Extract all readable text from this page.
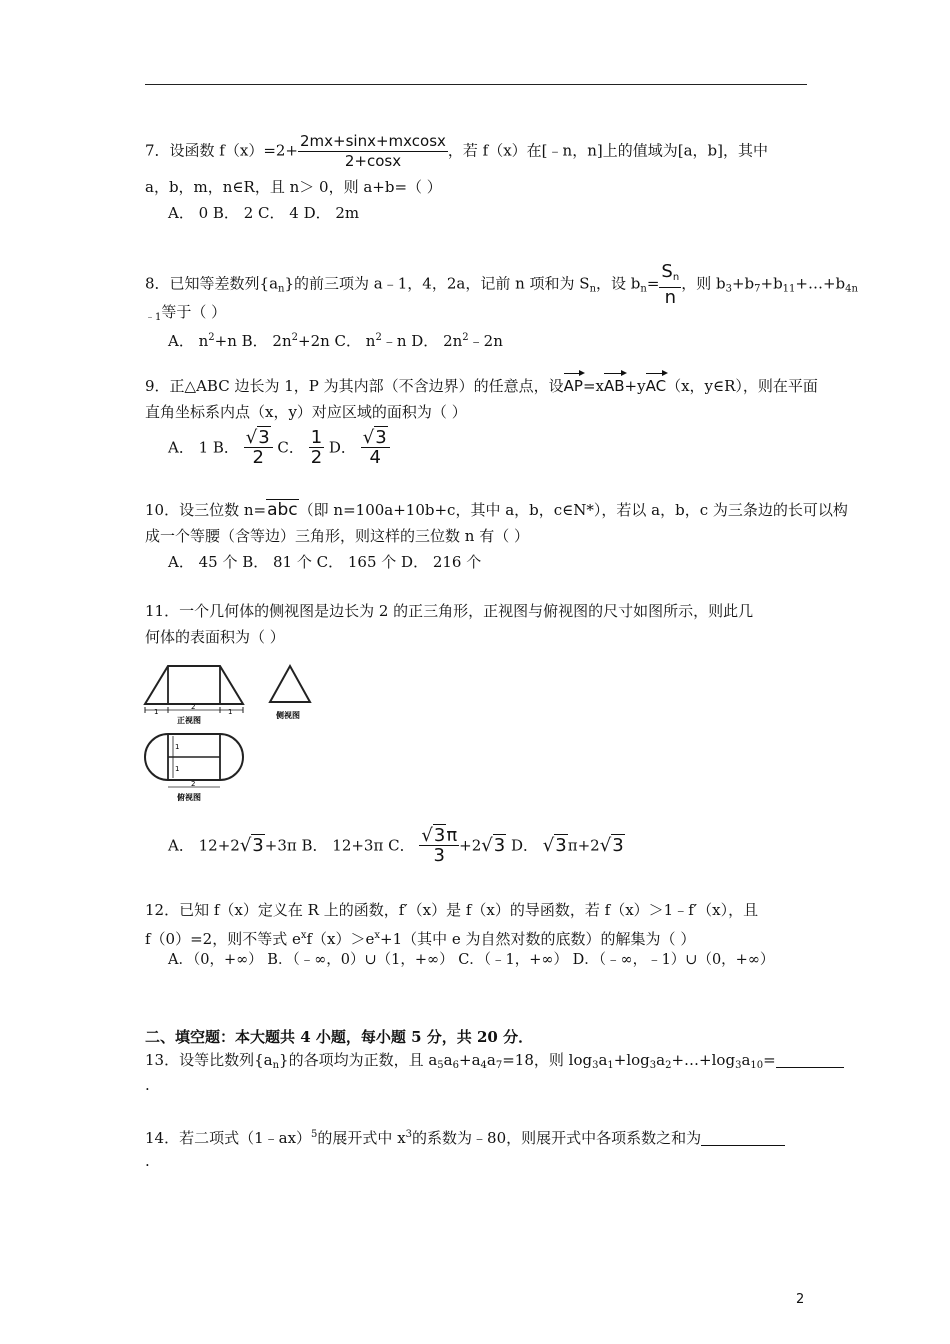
7．设函数 $f(x)=2+ \frac{2mx+\sin x+mxcosx}{2+\cos x}$ ，若 f（x）在[﹣n，n]上的值域为[a，b]，其中
a，b，m，n∈R，且 n＞ 0，则 a+b=（ ）
A． 0 B． 2 C． 4 D． 2m
8．已知等差数列$\{a_n\}$的前三项为 a﹣1，4，2a，记前 n 项和为 $S_n$，设 $b_n= \frac{S_n}{n}$ ，则 $b_3+b_7+b_{11}+\dots+b_{4n}$
$_{﹣1}$等于（ ）
A． $n^2+n$ B． $2n^2+2n$ C． $n^2﹣n$ D． $2n^2﹣2n$
9．正△ABC 边长为 1，P 为其内部（不含边界）的任意点，设
AP=x
AB+y
AC（x，y∈R），则在平面
直角坐标系内点（x，y）对应区域的面积为（ ）
A． 1 B． $\frac{√3}{2}$ C． $\frac{1}{2}$ D． $\frac{√3}{4}$
10．设三位数 n=abc（即 n=100a+10b+c，其中 a，b，c∈N*），若以 a，b，c 为三条边的长可以构
成一个等腰（含等边）三角形，则这样的三位数 n 有（ ）
A． 45 个 B． 81 个 C． 165 个 D． 216 个
11．一个几何体的侧视图是边长为 2 的正三角形，正视图与俯视图的尺寸如图所示，则此几
何体的表面积为（ ）
1
2
1
正视图
侧视图
1
1
2
俯视图
A． 12+2√3+3π B． 12+3π C． $\frac{√3\pi}{3} +2√3$ D． √3π+2√3
12．已知 f（x）定义在 R 上的函数，f′（x）是 f（x）的导函数，若 f（x）＞1﹣f′（x），且
f（0）=2，则不等式 $e^xf(x)>e^x+1$（其中 e 为自然对数的底数）的解集为（ ）
A．（0，+∞） B．（﹣∞，0）∪（1，+∞） C．（﹣1，+∞） D．（﹣∞，﹣1）∪（0，+∞）
二、填空题：本大题共 4 小题，每小题 5 分，共 20 分．
13．设等比数列$\{a_n\}$的各项均为正数，且 $a_5a_6+a_4a_7=18$，则 $\log_3a_1+\log_3a_2+\dots+\log_3a_{10}=$
.
14．若二项式（1﹣ax）$^5$的展开式中 $x^3$的系数为﹣80，则展开式中各项系数之和为
.
2
